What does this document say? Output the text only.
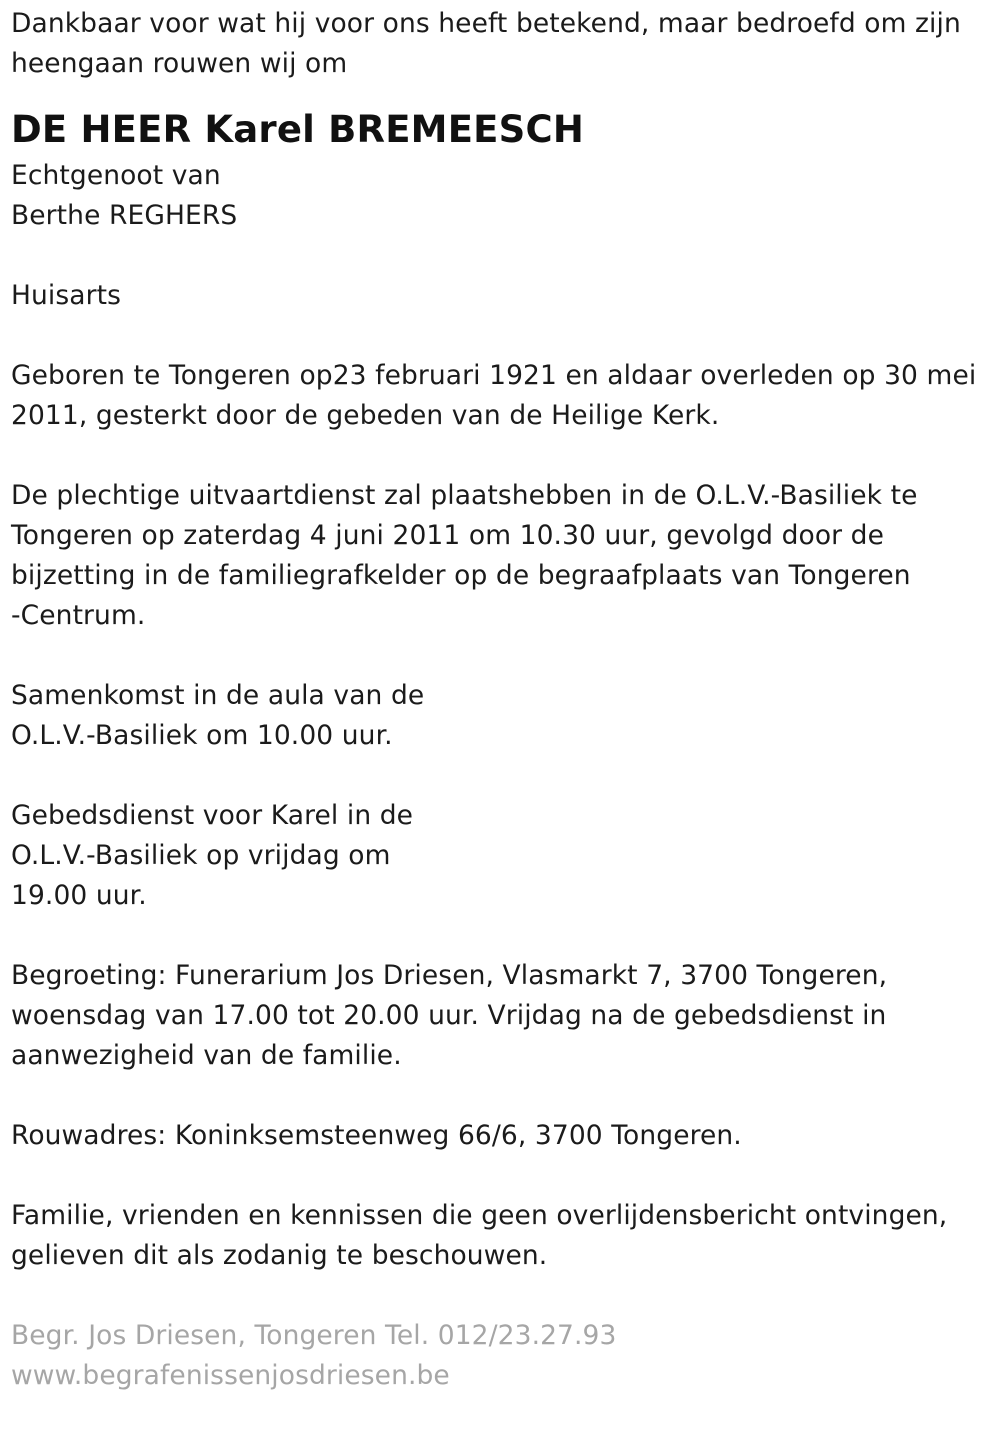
Dankbaar voor wat hij voor ons heeft betekend, maar bedroefd om zijn
heengaan rouwen wij om
DE HEER Karel BREMEESCH
Echtgenoot van
Berthe REGHERS
Huisarts
Geboren te Tongeren op23 februari 1921 en aldaar overleden op 30 mei
2011, gesterkt door de gebeden van de Heilige Kerk.
De plechtige uitvaartdienst zal plaatshebben in de O.L.V.-Basiliek te
Tongeren op zaterdag 4 juni 2011 om 10.30 uur, gevolgd door de
bijzetting in de familiegrafkelder op de begraafplaats van Tongeren
-Centrum.
Samenkomst in de aula van de
O.L.V.-Basiliek om 10.00 uur.
Gebedsdienst voor Karel in de
O.L.V.-Basiliek op vrijdag om
19.00 uur.
Begroeting: Funerarium Jos Driesen, Vlasmarkt 7, 3700 Tongeren,
woensdag van 17.00 tot 20.00 uur. Vrijdag na de gebedsdienst in
aanwezigheid van de familie.
Rouwadres: Koninksemsteenweg 66/6, 3700 Tongeren.
Familie, vrienden en kennissen die geen overlijdensbericht ontvingen,
gelieven dit als zodanig te beschouwen.
Begr. Jos Driesen, Tongeren Tel. 012/23.27.93
www.begrafenissenjosdriesen.be
